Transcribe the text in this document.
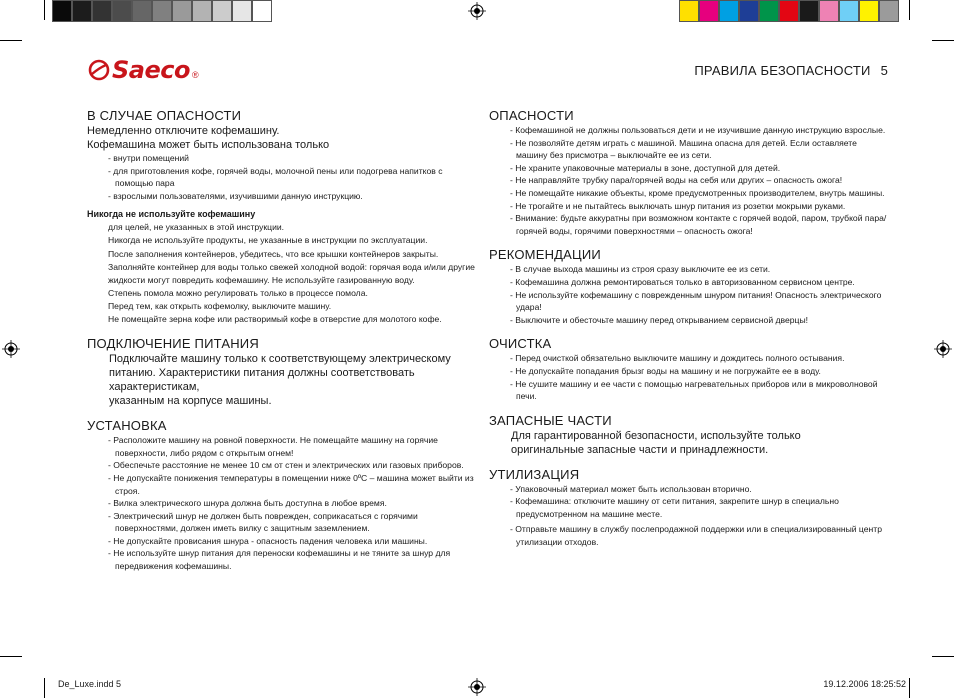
Saeco ®	ПРАВИЛА БЕЗОПАСНОСТИ 5
В СЛУЧАЕ ОПАСНОСТИ

Немедленно отключите кофемашину.

Кофемашина может быть использована только

- внутри помещений
- для приготовления кофе, горячей воды, молочной пены или подогрева напитков с помощью пара
- взрослыми пользователями, изучившими данную инструкцию.
Никогда не используйте кофемашину
для целей, не указанных в этой инструкции.
Никогда не используйте продукты, не указанные в инструкции по эксплуатации.
После заполнения контейнеров, убедитесь, что все крышки контейнеров закрыты.
Заполняйте контейнер для воды только свежей холодной водой: горячая вода и/или другие жидкости могут повредить кофемашину. Не используйте газированную воду.
Степень помола можно регулировать только в процессе помола.
Перед тем, как открыть кофемолку, выключите машину.
Не помещайте зерна кофе или растворимый кофе в отверстие для молотого кофе.
ПОДКЛЮЧЕНИЕ ПИТАНИЯ

Подключайте машину только к соответствующему электрическому

питанию. Характеристики питания должны соответствовать

характеристикам,

указанным на корпусе машины.

УСТАНОВКА
- Расположите машину на ровной поверхности. Не помещайте машину на горячие поверхности, либо рядом с открытым огнем!
- Обеспечьте расстояние не менее 10 см от стен и электрических или газовых приборов.
- Не допускайте понижения температуры в помещении ниже 0ºC – машина может выйти из строя.
- Вилка электрического шнура должна быть доступна в любое время.
- Электрический шнур не должен быть поврежден, соприкасаться с горячими поверхностями, должен иметь вилку с защитным заземлением.
- Не допускайте провисания шнура - опасность падения человека или машины.
- Не используйте шнур питания для переноски кофемашины и не тяните за шнур для передвижения кофемашины.
ОПАСНОСТИ
- Кофемашиной не должны пользоваться дети и не изучившие данную инструкцию взрослые.
- Не позволяйте детям играть с машиной. Машина опасна для детей. Если оставляете машину без присмотра – выключайте ее из сети.
- Не храните упаковочные материалы в зоне, доступной для детей.
- Не направляйте трубку пара/горячей воды на себя или других – опасность ожога!
- Не помещайте никакие объекты, кроме предусмотренных производителем, внутрь машины.
- Не трогайте и не пытайтесь выключать шнур питания из розетки мокрыми руками.
- Внимание: будьте аккуратны при возможном контакте с горячей водой, паром, трубкой пара/горячей воды, горячими поверхностями – опасность ожога!
РЕКОМЕНДАЦИИ
- В случае выхода машины из строя сразу выключите ее из сети.
- Кофемашина должна ремонтироваться только в авторизованном сервисном центре.
- Не используйте кофемашину с поврежденным шнуром питания! Опасность электрического удара!
- Выключите и обесточьте машину перед открыванием сервисной дверцы!
ОЧИСТКА
- Перед очисткой обязательно выключите машину и дождитесь полного остывания.
- Не допускайте попадания брызг воды на машину и не погружайте ее в воду.
- Не сушите машину и ее части с помощью нагревательных приборов или в микроволновой печи.
ЗАПАСНЫЕ ЧАСТИ

Для гарантированной безопасности, используйте только

оригинальные запасные части и принадлежности.

УТИЛИЗАЦИЯ
- Упаковочный материал может быть использован вторично.
- Кофемашина: отключите машину от сети питания, закрепите шнур в специально предусмотренном на машине месте.
- Отправьте машину в службу послепродажной поддержки или в специализированный центр утилизации отходов.
De_Luxe.indd 5	19.12.2006 18:25:52
